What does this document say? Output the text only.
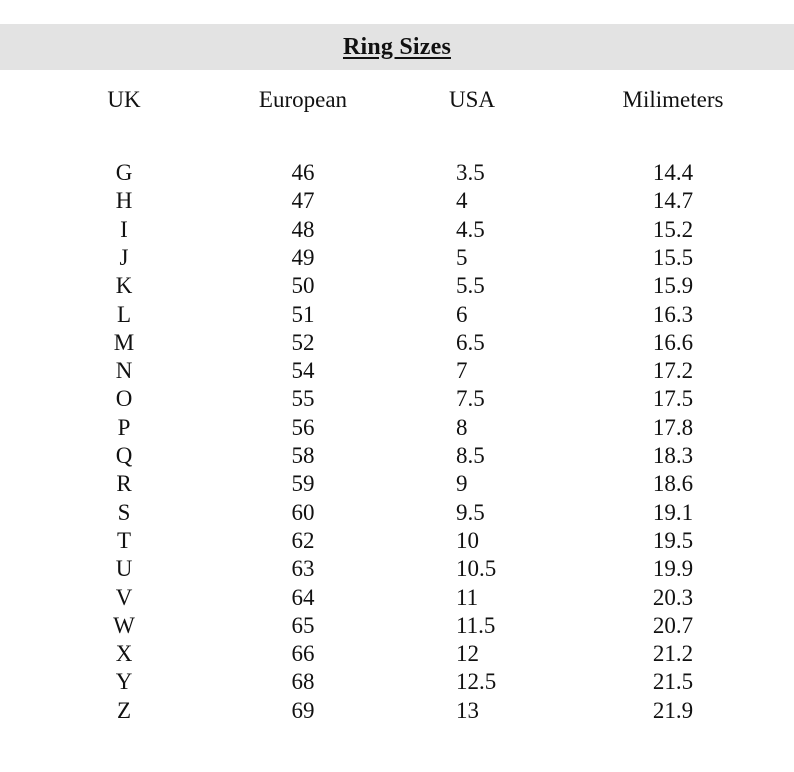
Ring Sizes
UK	European	USA	Milimeters
G	46	3.5	14.4
H	47	4	14.7
I	48	4.5	15.2
J	49	5	15.5
K	50	5.5	15.9
L	51	6	16.3
M	52	6.5	16.6
N	54	7	17.2
O	55	7.5	17.5
P	56	8	17.8
Q	58	8.5	18.3
R	59	9	18.6
S	60	9.5	19.1
T	62	10	19.5
U	63	10.5	19.9
V	64	11	20.3
W	65	11.5	20.7
X	66	12	21.2
Y	68	12.5	21.5
Z	69	13	21.9
